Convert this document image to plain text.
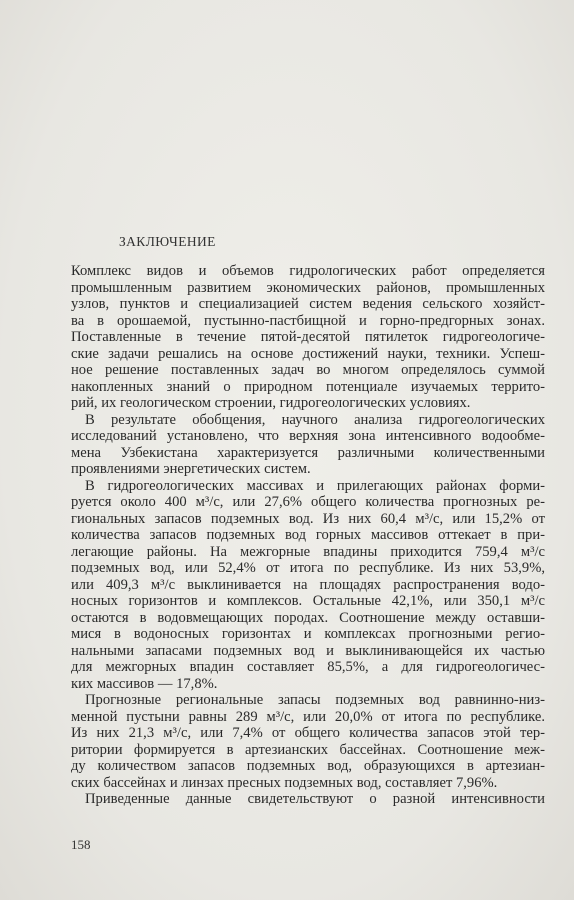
ЗАКЛЮЧЕНИЕ
Комплекс видов и объемов гидрологических работ определяется
промышленным развитием экономических районов, промышленных
узлов, пунктов и специализацией систем ведения сельского хозяйст-
ва в орошаемой, пустынно-пастбищной и горно-предгорных зонах.
Поставленные в течение пятой-десятой пятилеток гидрогеологиче-
ские задачи решались на основе достижений науки, техники. Успеш-
ное решение поставленных задач во многом определялось суммой
накопленных знаний о природном потенциале изучаемых террито-
рий, их геологическом строении, гидрогеологических условиях.
В результате обобщения, научного анализа гидрогеологических
исследований установлено, что верхняя зона интенсивного водообме-
мена Узбекистана характеризуется различными количественными
проявлениями энергетических систем.
В гидрогеологических массивах и прилегающих районах форми-
руется около 400 м³/с, или 27,6% общего количества прогнозных ре-
гиональных запасов подземных вод. Из них 60,4 м³/с, или 15,2% от
количества запасов подземных вод горных массивов оттекает в при-
легающие районы. На межгорные впадины приходится 759,4 м³/с
подземных вод, или 52,4% от итога по республике. Из них 53,9%,
или 409,3 м³/с выклинивается на площадях распространения водо-
носных горизонтов и комплексов. Остальные 42,1%, или 350,1 м³/с
остаются в водовмещающих породах. Соотношение между оставши-
мися в водоносных горизонтах и комплексах прогнозными регио-
нальными запасами подземных вод и выклинивающейся их частью
для межгорных впадин составляет 85,5%, а для гидрогеологичес-
ких массивов — 17,8%.
Прогнозные региональные запасы подземных вод равнинно-низ-
менной пустыни равны 289 м³/с, или 20,0% от итога по республике.
Из них 21,3 м³/с, или 7,4% от общего количества запасов этой тер-
ритории формируется в артезианских бассейнах. Соотношение меж-
ду количеством запасов подземных вод, образующихся в артезиан-
ских бассейнах и линзах пресных подземных вод, составляет 7,96%.
Приведенные данные свидетельствуют о разной интенсивности
158
